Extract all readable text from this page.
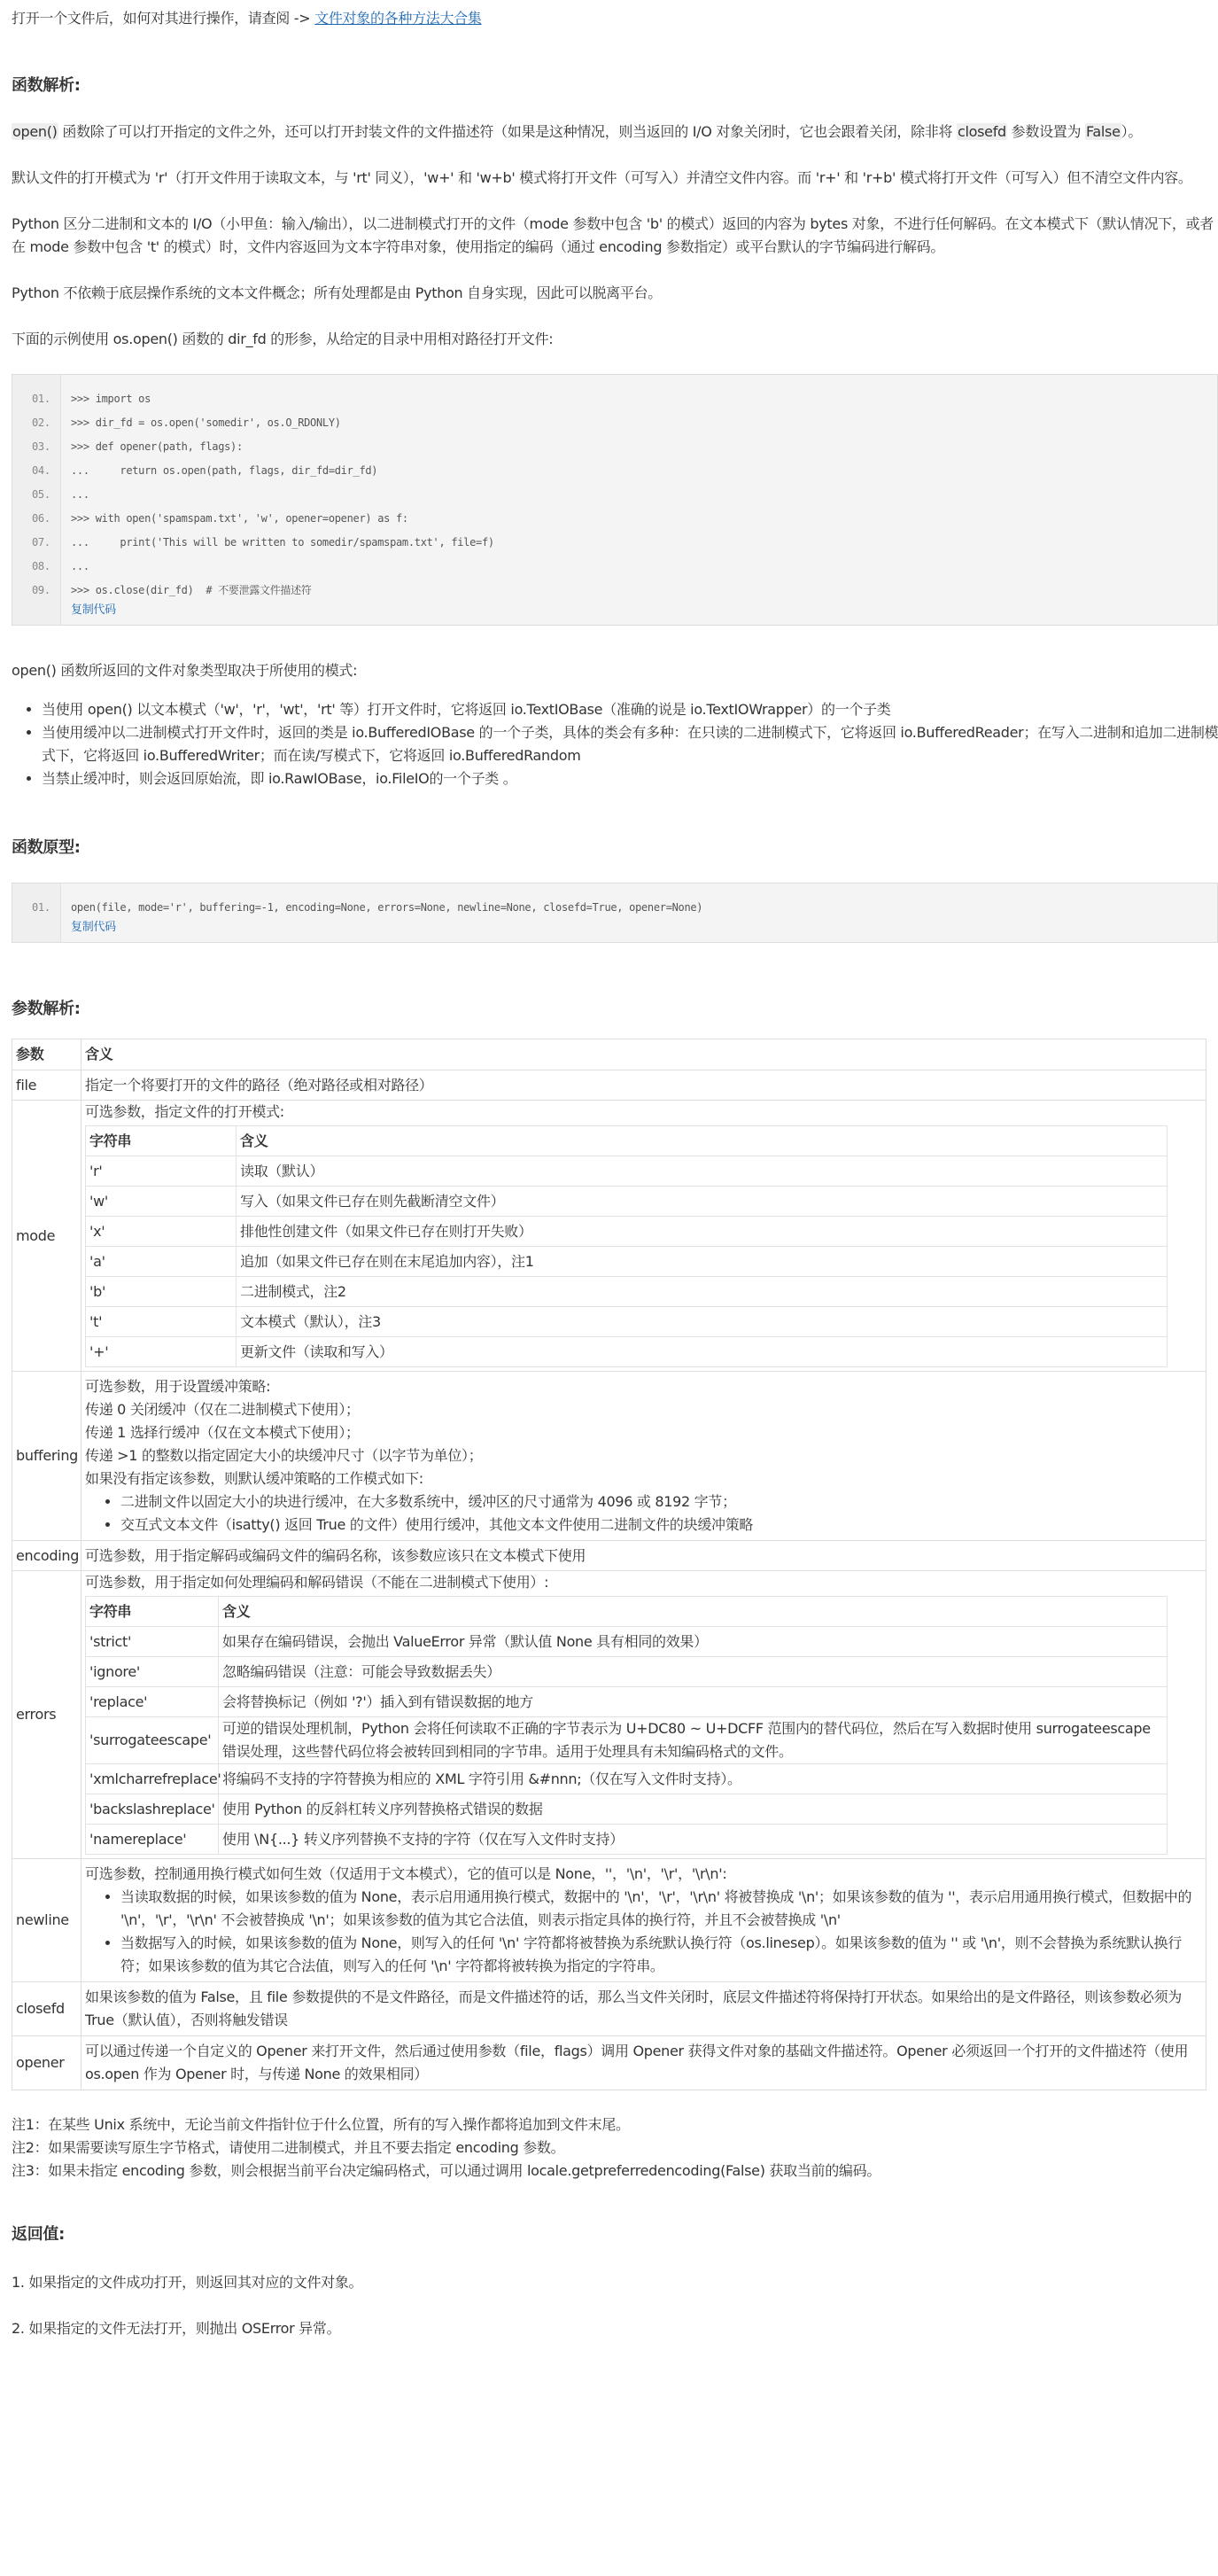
打开一个文件后，如何对其进行操作，请查阅 -> 文件对象的各种方法大合集
函数解析:

open() 函数除了可以打开指定的文件之外，还可以打开封装文件的文件描述符（如果是这种情况，则当返回的 I/O 对象关闭时，它也会跟着关闭，除非将 closefd 参数设置为 False）。

默认文件的打开模式为 'r'（打开文件用于读取文本，与 'rt' 同义），'w+' 和 'w+b' 模式将打开文件（可写入）并清空文件内容。而 'r+' 和 'r+b' 模式将打开文件（可写入）但不清空文件内容。

Python 区分二进制和文本的 I/O（小甲鱼：输入/输出），以二进制模式打开的文件（mode 参数中包含 'b' 的模式）返回的内容为 bytes 对象，不进行任何解码。在文本模式下（默认情况下，或者在 mode 参数中包含 't' 的模式）时，文件内容返回为文本字符串对象，使用指定的编码（通过 encoding 参数指定）或平台默认的字节编码进行解码。

Python 不依赖于底层操作系统的文本文件概念；所有处理都是由 Python 自身实现，因此可以脱离平台。

下面的示例使用 os.open() 函数的 dir_fd 的形参，从给定的目录中用相对路径打开文件:

01.	>>> import os
02.	>>> dir_fd = os.open('somedir', os.O_RDONLY)
03.	>>> def opener(path, flags):
04.	...     return os.open(path, flags, dir_fd=dir_fd)
05.	...
06.	>>> with open('spamspam.txt', 'w', opener=opener) as f:
07.	...     print('This will be written to somedir/spamspam.txt', file=f)
08.	...
09.	>>> os.close(dir_fd)  # 不要泄露文件描述符
复制代码

open() 函数所返回的文件对象类型取决于所使用的模式:

• 当使用 open() 以文本模式（'w'，'r'，'wt'，'rt' 等）打开文件时，它将返回 io.TextIOBase（准确的说是 io.TextIOWrapper）的一个子类
• 当使用缓冲以二进制模式打开文件时，返回的类是 io.BufferedIOBase 的一个子类，具体的类会有多种：在只读的二进制模式下，它将返回 io.BufferedReader；在写入二进制和追加二进制模式下，它将返回 io.BufferedWriter；而在读/写模式下，它将返回 io.BufferedRandom
• 当禁止缓冲时，则会返回原始流，即 io.RawIOBase，io.FileIO的一个子类 。
函数原型:
01.	open(file, mode='r', buffering=-1, encoding=None, errors=None, newline=None, closefd=True, opener=None)
复制代码
参数解析:
参数	含义
file	指定一个将要打开的文件的路径（绝对路径或相对路径）
mode	
可选参数，指定文件的打开模式:
字符串	含义
'r'	读取（默认）
'w'	写入（如果文件已存在则先截断清空文件）
'x'	排他性创建文件（如果文件已存在则打开失败）
'a'	追加（如果文件已存在则在末尾追加内容），注1
'b'	二进制模式，注2
't'	文本模式（默认），注3
'+'	更新文件（读取和写入）

buffering	
可选参数，用于设置缓冲策略:
传递 0 关闭缓冲（仅在二进制模式下使用）；
传递 1 选择行缓冲（仅在文本模式下使用）；
传递 >1 的整数以指定固定大小的块缓冲尺寸（以字节为单位）；
如果没有指定该参数，则默认缓冲策略的工作模式如下:
• 二进制文件以固定大小的块进行缓冲，在大多数系统中，缓冲区的尺寸通常为 4096 或 8192 字节；
• 交互式文本文件（isatty() 返回 True 的文件）使用行缓冲，其他文本文件使用二进制文件的块缓冲策略

encoding	可选参数，用于指定解码或编码文件的编码名称，该参数应该只在文本模式下使用
errors	
可选参数，用于指定如何处理编码和解码错误（不能在二进制模式下使用）:
字符串	含义
'strict'	如果存在编码错误，会抛出 ValueError 异常（默认值 None 具有相同的效果）
'ignore'	忽略编码错误（注意：可能会导致数据丢失）
'replace'	会将替换标记（例如 '?'）插入到有错误数据的地方
'surrogateescape'	可逆的错误处理机制，Python 会将任何读取不正确的字节表示为 U+DC80 ~ U+DCFF 范围内的替代码位，然后在写入数据时使用 surrogateescape 错误处理，这些替代码位将会被转回到相同的字节串。适用于处理具有未知编码格式的文件。
'xmlcharrefreplace'	将编码不支持的字符替换为相应的 XML 字符引用 &#nnn;（仅在写入文件时支持）。
'backslashreplace'	使用 Python 的反斜杠转义序列替换格式错误的数据
'namereplace'	使用 \N{...} 转义序列替换不支持的字符（仅在写入文件时支持）

newline	
可选参数，控制通用换行模式如何生效（仅适用于文本模式），它的值可以是 None，''，'\n'，'\r'，'\r\n':
• 当读取数据的时候，如果该参数的值为 None，表示启用通用换行模式，数据中的 '\n'，'\r'，'\r\n' 将被替换成 '\n'；如果该参数的值为 ''，表示启用通用换行模式，但数据中的 '\n'，'\r'，'\r\n' 不会被替换成 '\n'；如果该参数的值为其它合法值，则表示指定具体的换行符，并且不会被替换成 '\n'
• 当数据写入的时候，如果该参数的值为 None，则写入的任何 '\n' 字符都将被替换为系统默认换行符（os.linesep）。如果该参数的值为 '' 或 '\n'，则不会替换为系统默认换行符；如果该参数的值为其它合法值，则写入的任何 '\n' 字符都将被转换为指定的字符串。

closefd	如果该参数的值为 False，且 file 参数提供的不是文件路径，而是文件描述符的话，那么当文件关闭时，底层文件描述符将保持打开状态。如果给出的是文件路径，则该参数必须为 True（默认值），否则将触发错误
opener	可以通过传递一个自定义的 Opener 来打开文件，然后通过使用参数（file，flags）调用 Opener 获得文件对象的基础文件描述符。Opener 必须返回一个打开的文件描述符（使用 os.open 作为 Opener 时，与传递 None 的效果相同）
注1：在某些 Unix 系统中，无论当前文件指针位于什么位置，所有的写入操作都将追加到文件末尾。
注2：如果需要读写原生字节格式，请使用二进制模式，并且不要去指定 encoding 参数。
注3：如果未指定 encoding 参数，则会根据当前平台决定编码格式，可以通过调用 locale.getpreferredencoding(False) 获取当前的编码。
返回值:

1. 如果指定的文件成功打开，则返回其对应的文件对象。

2. 如果指定的文件无法打开，则抛出 OSError 异常。
